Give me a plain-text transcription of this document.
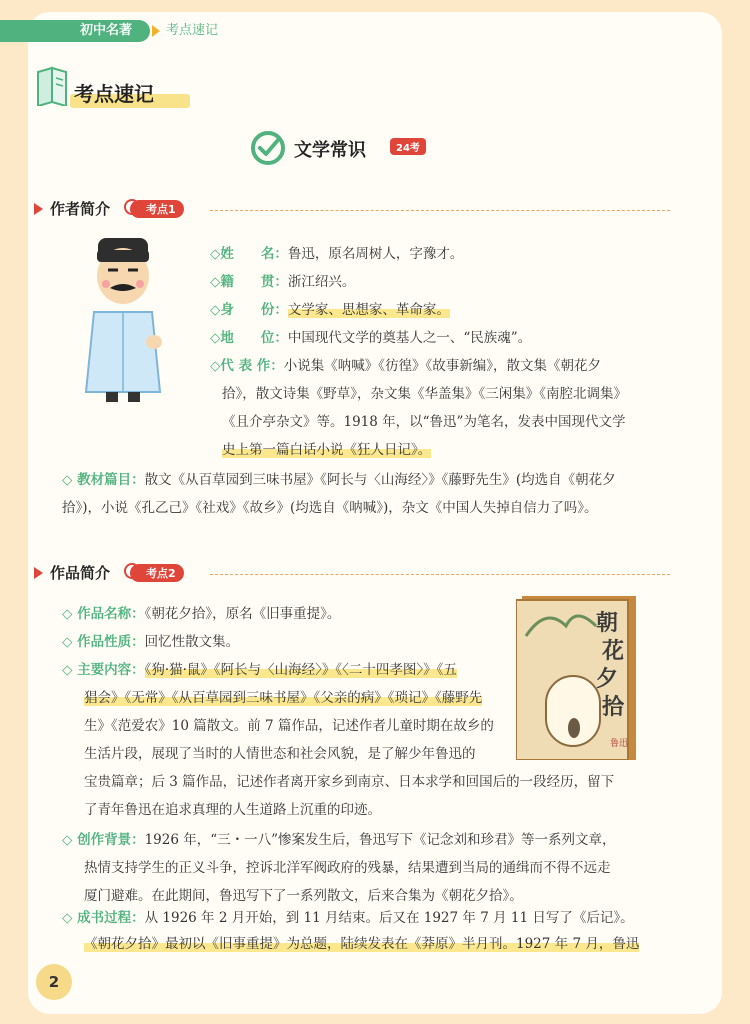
初中名著	考点速记
考点速记
文学常识	24考
作者简介	考点1
◇姓　　名：鲁迅，原名周树人，字豫才。
◇籍　　贯：浙江绍兴。
◇身　　份：文学家、思想家、革命家。
◇地　　位：中国现代文学的奠基人之一、“民族魂”。
◇代 表 作：小说集《呐喊》《彷徨》《故事新编》，散文集《朝花夕
拾》，散文诗集《野草》，杂文集《华盖集》《三闲集》《南腔北调集》
《且介亭杂文》等。1918 年，以“鲁迅”为笔名，发表中国现代文学
史上第一篇白话小说《狂人日记》。
◇ 教材篇目：散文《从百草园到三味书屋》《阿长与〈山海经〉》《藤野先生》(均选自《朝花夕
拾》)，小说《孔乙己》《社戏》《故乡》(均选自《呐喊》)，杂文《中国人失掉自信力了吗》。
作品简介	考点2
◇ 作品名称：《朝花夕拾》，原名《旧事重提》。
◇ 作品性质：回忆性散文集。
◇ 主要内容：《狗·猫·鼠》《阿长与〈山海经〉》《〈二十四孝图〉》《五
猖会》《无常》《从百草园到三味书屋》《父亲的病》《琐记》《藤野先
生》《范爱农》10 篇散文。前 7 篇作品，记述作者儿童时期在故乡的
生活片段，展现了当时的人情世态和社会风貌，是了解少年鲁迅的
宝贵篇章；后 3 篇作品，记述作者离开家乡到南京、日本求学和回国后的一段经历，留下
了青年鲁迅在追求真理的人生道路上沉重的印迹。
◇ 创作背景：1926 年，“三・一八”惨案发生后，鲁迅写下《记念刘和珍君》等一系列文章，
热情支持学生的正义斗争，控诉北洋军阀政府的残暴，结果遭到当局的通缉而不得不远走
厦门避难。在此期间，鲁迅写下了一系列散文，后来合集为《朝花夕拾》。
◇ 成书过程：从 1926 年 2 月开始，到 11 月结束。后又在 1927 年 7 月 11 日写了《后记》。
《朝花夕拾》最初以《旧事重提》为总题，陆续发表在《莽原》半月刊。1927 年 7 月，鲁迅
朝
花
夕
拾
鲁迅
2
